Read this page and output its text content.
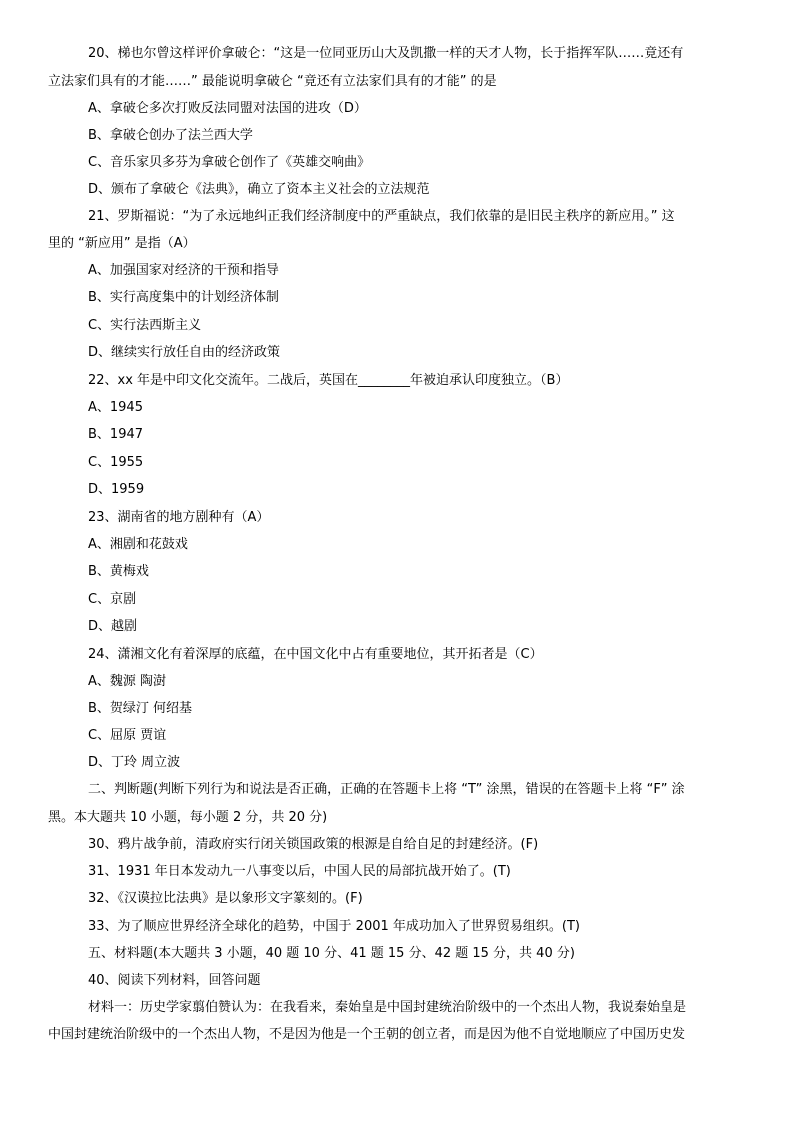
20、梯也尔曾这样评价拿破仑：“这是一位同亚历山大及凯撒一样的天才人物，长于指挥军队……竟还有
立法家们具有的才能……” 最能说明拿破仑 “竟还有立法家们具有的才能” 的是
A、拿破仑多次打败反法同盟对法国的进攻（D）
B、拿破仑创办了法兰西大学
C、音乐家贝多芬为拿破仑创作了《英雄交响曲》
D、颁布了拿破仑《法典》，确立了资本主义社会的立法规范
21、罗斯福说：“为了永远地纠正我们经济制度中的严重缺点，我们依靠的是旧民主秩序的新应用。” 这
里的 “新应用” 是指（A）
A、加强国家对经济的干预和指导
B、实行高度集中的计划经济体制
C、实行法西斯主义
D、继续实行放任自由的经济政策
22、xx 年是中印文化交流年。二战后，英国在________年被迫承认印度独立。（B）
A、1945
B、1947
C、1955
D、1959
23、湖南省的地方剧种有（A）
A、湘剧和花鼓戏
B、黄梅戏
C、京剧
D、越剧
24、潇湘文化有着深厚的底蕴，在中国文化中占有重要地位，其开拓者是（C）
A、魏源 陶澍
B、贺绿汀 何绍基
C、屈原 贾谊
D、丁玲 周立波
二、判断题(判断下列行为和说法是否正确，正确的在答题卡上将 “T” 涂黑，错误的在答题卡上将 “F” 涂
黑。本大题共 10 小题，每小题 2 分，共 20 分)
30、鸦片战争前，清政府实行闭关锁国政策的根源是自给自足的封建经济。(F)
31、1931 年日本发动九一八事变以后，中国人民的局部抗战开始了。(T)
32、《汉谟拉比法典》是以象形文字篆刻的。(F)
33、为了顺应世界经济全球化的趋势，中国于 2001 年成功加入了世界贸易组织。(T)
五、材料题(本大题共 3 小题，40 题 10 分、41 题 15 分、42 题 15 分，共 40 分)
40、阅读下列材料，回答问题
材料一：历史学家翦伯赞认为：在我看来，秦始皇是中国封建统治阶级中的一个杰出人物，我说秦始皇是
中国封建统治阶级中的一个杰出人物，不是因为他是一个王朝的创立者，而是因为他不自觉地顺应了中国历史发
